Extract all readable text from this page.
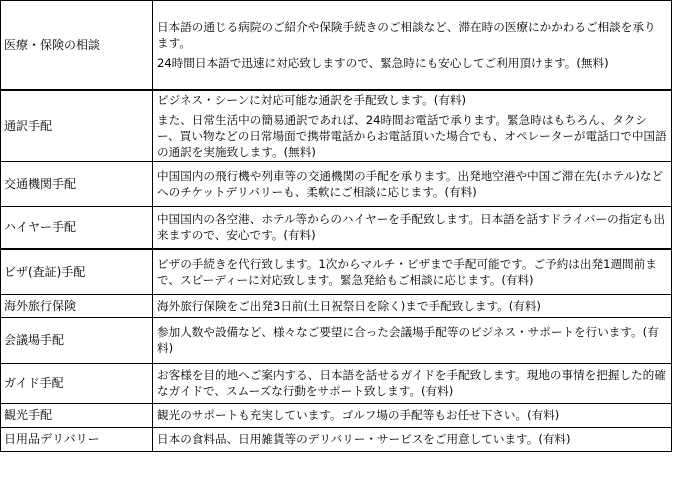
医療・保険の相談	日本語の通じる病院のご紹介や保険手続きのご相談など、滞在時の医療にかかわるご相談を承ります。

24時間日本語で迅速に対応致しますので、緊急時にも安心してご利用頂けます。(無料)

通訳手配	ビジネス・シーンに対応可能な通訳を手配致します。(有料)

また、日常生活中の簡易通訳であれば、24時間お電話で承ります。緊急時はもちろん、タクシー、買い物などの日常場面で携帯電話からお電話頂いた場合でも、オペレーターが電話口で中国語の通訳を実施致します。(無料)

交通機関手配	中国国内の飛行機や列車等の交通機関の手配を承ります。出発地空港や中国ご滞在先(ホテル)などへのチケットデリバリーも、柔軟にご相談に応じます。(有料)

ハイヤー手配	中国国内の各空港、ホテル等からのハイヤーを手配致します。日本語を話すドライバーの指定も出来ますので、安心です。(有料)

ビザ(査証)手配	ビザの手続きを代行致します。1次からマルチ・ビザまで手配可能です。ご予約は出発1週間前まで、スピーディーに対応致します。緊急発給もご相談に応じます。(有料)

海外旅行保険	海外旅行保険をご出発3日前(土日祝祭日を除く)まで手配致します。(有料)

会議場手配	参加人数や設備など、様々なご要望に合った会議場手配等のビジネス・サポートを行います。(有料)

ガイド手配	お客様を目的地へご案内する、日本語を話せるガイドを手配致します。現地の事情を把握した的確なガイドで、スムーズな行動をサポート致します。(有料)

観光手配	観光のサポートも充実しています。ゴルフ場の手配等もお任せ下さい。(有料)

日用品デリバリー	日本の食料品、日用雑貨等のデリバリー・サービスをご用意しています。(有料)
